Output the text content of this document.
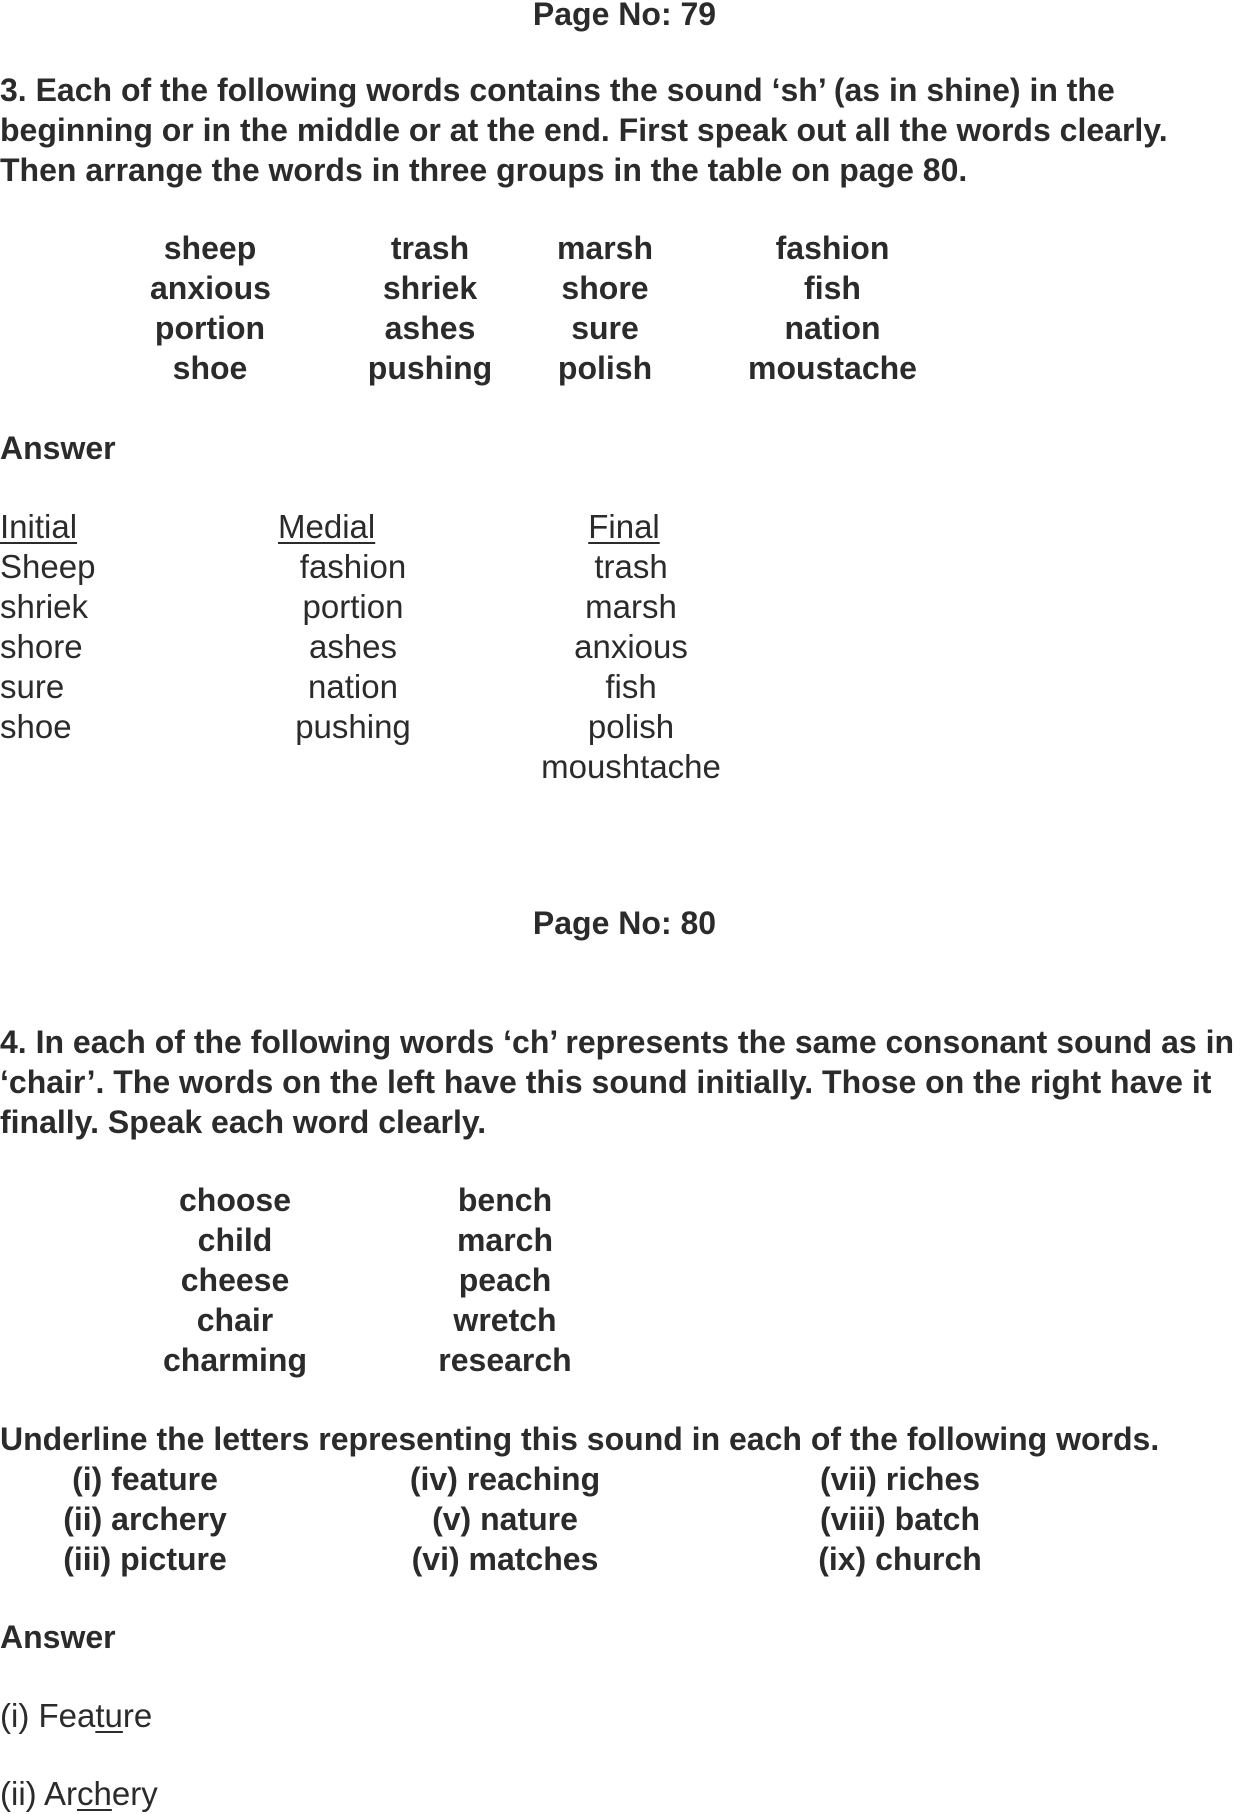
Page No: 79
3. Each of the following words contains the sound ‘sh’ (as in shine) in the beginning or in the middle or at the end. First speak out all the words clearly. Then arrange the words in three groups in the table on page 80.
sheep
anxious
portion
shoe
trash
shriek
ashes
pushing
marsh
shore
sure
polish
fashion
fish
nation
moustache
Answer
Initial
Sheep
shriek
shore
sure
shoe
Medial
fashion
portion
ashes
nation
pushing
Final
trash
marsh
anxious
fish
polish
moushtache
Page No: 80
4. In each of the following words ‘ch’ represents the same consonant sound as in ‘chair’. The words on the left have this sound initially. Those on the right have it finally. Speak each word clearly.
choose
child
cheese
chair
charming
bench
march
peach
wretch
research
Underline the letters representing this sound in each of the following words.
(i) feature
(ii) archery
(iii) picture
(iv) reaching
(v) nature
(vi) matches
(vii) riches
(viii) batch
(ix) church
Answer
(i) Feature
(ii) Archery
